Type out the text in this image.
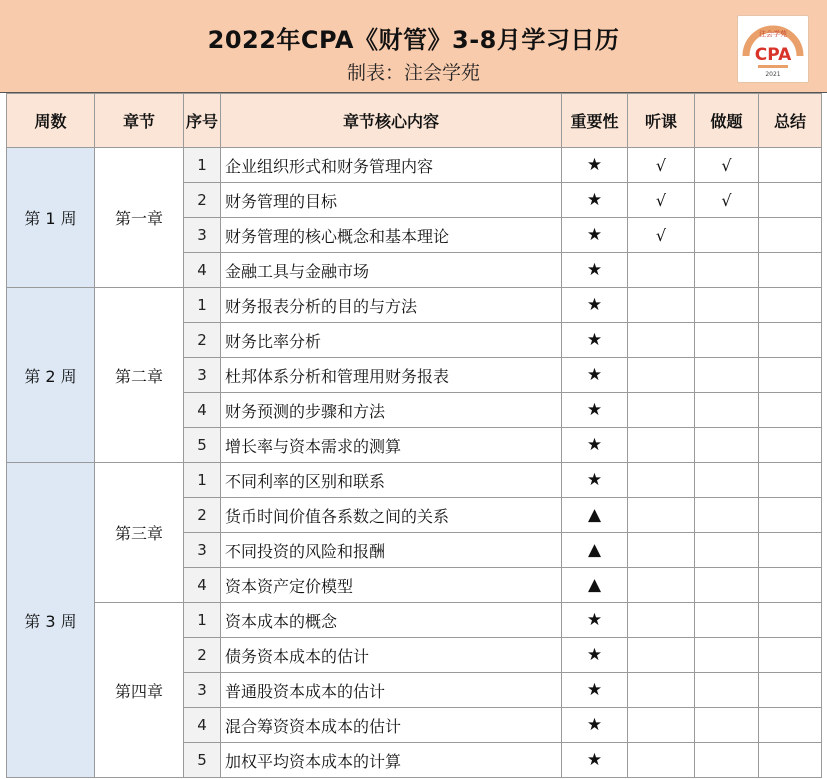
2022年CPA《财管》3-8月学习日历
制表：注会学苑
注会学苑
CPA
2021
周数	章节	序号	章节核心内容	重要性	听课	做题	总结
第 1 周	第一章	1	企业组织形式和财务管理内容	★	√	√	
		2	财务管理的目标	★	√	√	
		3	财务管理的核心概念和基本理论	★	√		
		4	金融工具与金融市场	★			
第 2 周	第二章	1	财务报表分析的目的与方法	★			
		2	财务比率分析	★			
		3	杜邦体系分析和管理用财务报表	★			
		4	财务预测的步骤和方法	★			
		5	增长率与资本需求的测算	★			
第 3 周	第三章	1	不同利率的区别和联系	★			
		2	货币时间价值各系数之间的关系	▲			
		3	不同投资的风险和报酬	▲			
		4	资本资产定价模型	▲			
	第四章	1	资本成本的概念	★			
		2	债务资本成本的估计	★			
		3	普通股资本成本的估计	★			
		4	混合筹资资本成本的估计	★			
		5	加权平均资本成本的计算	★			
